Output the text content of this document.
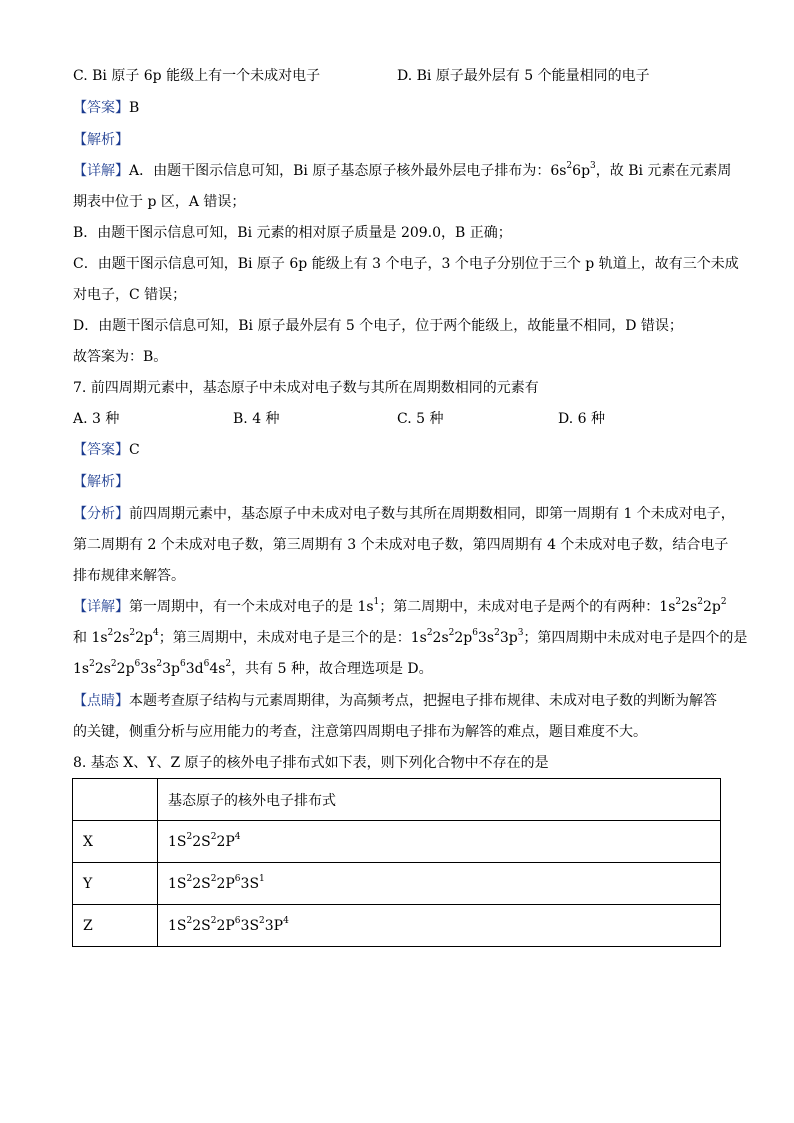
C. Bi 原子 6p 能级上有一个未成对电子	D. Bi 原子最外层有 5 个能量相同的电子
【答案】B
【解析】
【详解】A．由题干图示信息可知，Bi 原子基态原子核外最外层电子排布为：$6s^26p^3$，故 Bi 元素在元素周
期表中位于 p 区，A 错误；
B．由题干图示信息可知，Bi 元素的相对原子质量是 209.0，B 正确；
C．由题干图示信息可知，Bi 原子 6p 能级上有 3 个电子，3 个电子分别位于三个 p 轨道上，故有三个未成
对电子，C 错误；
D．由题干图示信息可知，Bi 原子最外层有 5 个电子，位于两个能级上，故能量不相同，D 错误；
故答案为：B。
7. 前四周期元素中，基态原子中未成对电子数与其所在周期数相同的元素有
A. 3 种	B. 4 种	C. 5 种	D. 6 种
【答案】C
【解析】
【分析】前四周期元素中，基态原子中未成对电子数与其所在周期数相同，即第一周期有 1 个未成对电子，
第二周期有 2 个未成对电子数，第三周期有 3 个未成对电子数，第四周期有 4 个未成对电子数，结合电子
排布规律来解答。
【详解】第一周期中，有一个未成对电子的是 $1s^1$；第二周期中，未成对电子是两个的有两种：$1s^22s^22p^2$
和 $1s^22s^22p^4$；第三周期中，未成对电子是三个的是：$1s^22s^22p^63s^23p^3$；第四周期中未成对电子是四个的是
$1s^22s^22p^63s^23p^63d^64s^2$，共有 5 种，故合理选项是 D。
【点睛】本题考查原子结构与元素周期律，为高频考点，把握电子排布规律、未成对电子数的判断为解答
的关键，侧重分析与应用能力的考查，注意第四周期电子排布为解答的难点，题目难度不大。
8. 基态 X、Y、Z 原子的核外电子排布式如下表，则下列化合物中不存在的是
	基态原子的核外电子排布式
X	$1S^22S^22P^4$
Y	$1S^22S^22P^63S^1$
Z	$1S^22S^22P^63S^23P^4$
